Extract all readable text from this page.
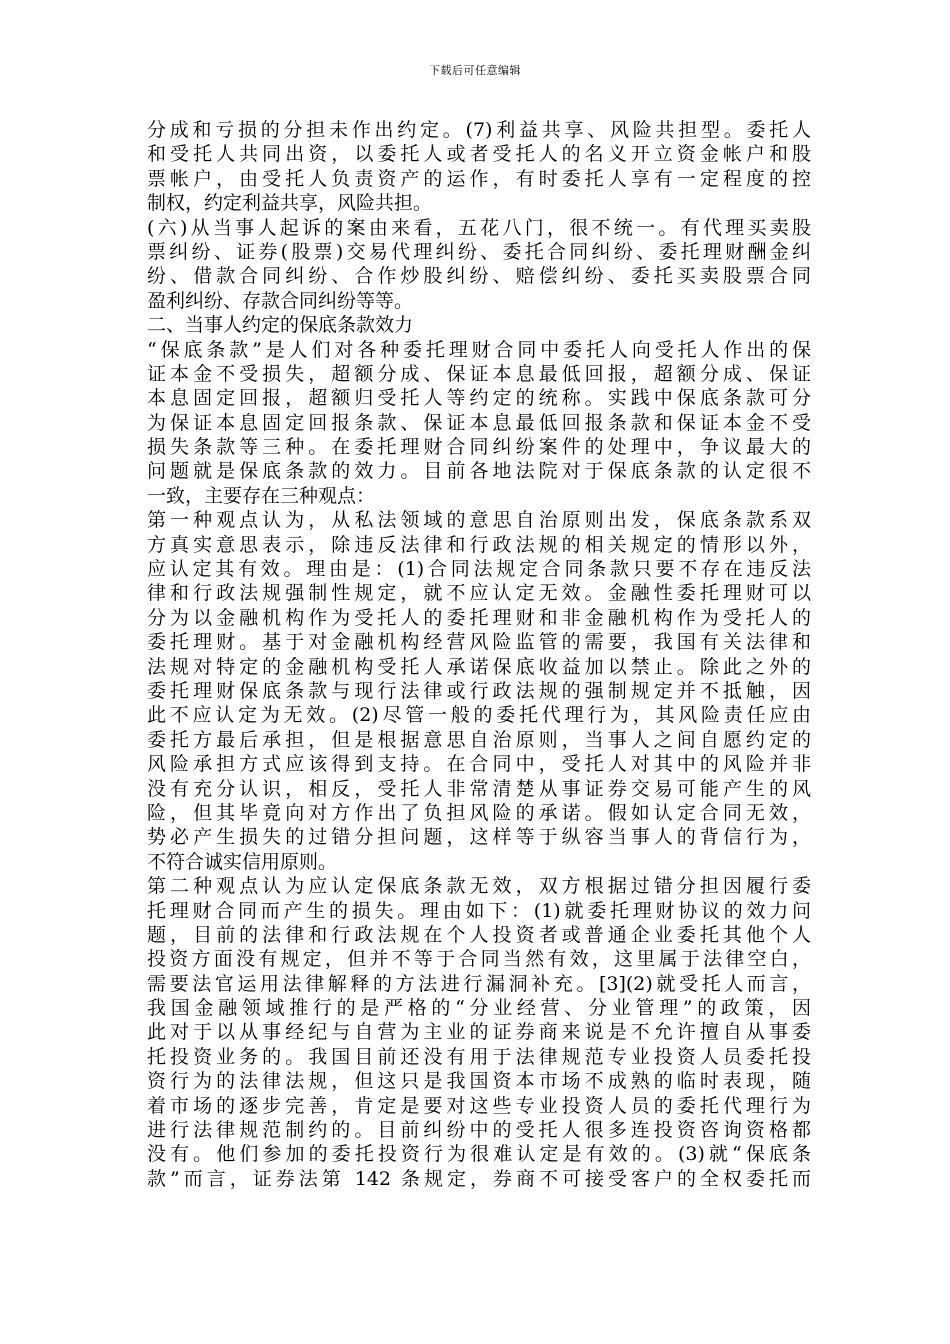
下载后可任意编辑
分成和亏损的分担未作出约定。(7)利益共享、风险共担型。委托人
和受托人共同出资，以委托人或者受托人的名义开立资金帐户和股
票帐户，由受托人负责资产的运作，有时委托人享有一定程度的控
制权，约定利益共享，风险共担。
(六)从当事人起诉的案由来看，五花八门，很不统一。有代理买卖股
票纠纷、证券(股票)交易代理纠纷、委托合同纠纷、委托理财酬金纠
纷、借款合同纠纷、合作炒股纠纷、赔偿纠纷、委托买卖股票合同
盈利纠纷、存款合同纠纷等等。
二、当事人约定的保底条款效力
“保底条款”是人们对各种委托理财合同中委托人向受托人作出的保
证本金不受损失，超额分成、保证本息最低回报，超额分成、保证
本息固定回报，超额归受托人等约定的统称。实践中保底条款可分
为保证本息固定回报条款、保证本息最低回报条款和保证本金不受
损失条款等三种。在委托理财合同纠纷案件的处理中，争议最大的
问题就是保底条款的效力。目前各地法院对于保底条款的认定很不
一致，主要存在三种观点：
第一种观点认为，从私法领域的意思自治原则出发，保底条款系双
方真实意思表示，除违反法律和行政法规的相关规定的情形以外，
应认定其有效。理由是：(1)合同法规定合同条款只要不存在违反法
律和行政法规强制性规定，就不应认定无效。金融性委托理财可以
分为以金融机构作为受托人的委托理财和非金融机构作为受托人的
委托理财。基于对金融机构经营风险监管的需要，我国有关法律和
法规对特定的金融机构受托人承诺保底收益加以禁止。除此之外的
委托理财保底条款与现行法律或行政法规的强制规定并不抵触，因
此不应认定为无效。(2)尽管一般的委托代理行为，其风险责任应由
委托方最后承担，但是根据意思自治原则，当事人之间自愿约定的
风险承担方式应该得到支持。在合同中，受托人对其中的风险并非
没有充分认识，相反，受托人非常清楚从事证券交易可能产生的风
险，但其毕竟向对方作出了负担风险的承诺。假如认定合同无效，
势必产生损失的过错分担问题，这样等于纵容当事人的背信行为，
不符合诚实信用原则。
第二种观点认为应认定保底条款无效，双方根据过错分担因履行委
托理财合同而产生的损失。理由如下：(1)就委托理财协议的效力问
题，目前的法律和行政法规在个人投资者或普通企业委托其他个人
投资方面没有规定，但并不等于合同当然有效，这里属于法律空白，
需要法官运用法律解释的方法进行漏洞补充。[3](2)就受托人而言，
我国金融领域推行的是严格的“分业经营、分业管理”的政策，因
此对于以从事经纪与自营为主业的证券商来说是不允许擅自从事委
托投资业务的。我国目前还没有用于法律规范专业投资人员委托投
资行为的法律法规，但这只是我国资本市场不成熟的临时表现，随
着市场的逐步完善，肯定是要对这些专业投资人员的委托代理行为
进行法律规范制约的。目前纠纷中的受托人很多连投资咨询资格都
没有。他们参加的委托投资行为很难认定是有效的。(3)就“保底条
款”而言，证券法第 142 条规定，券商不可接受客户的全权委托而
